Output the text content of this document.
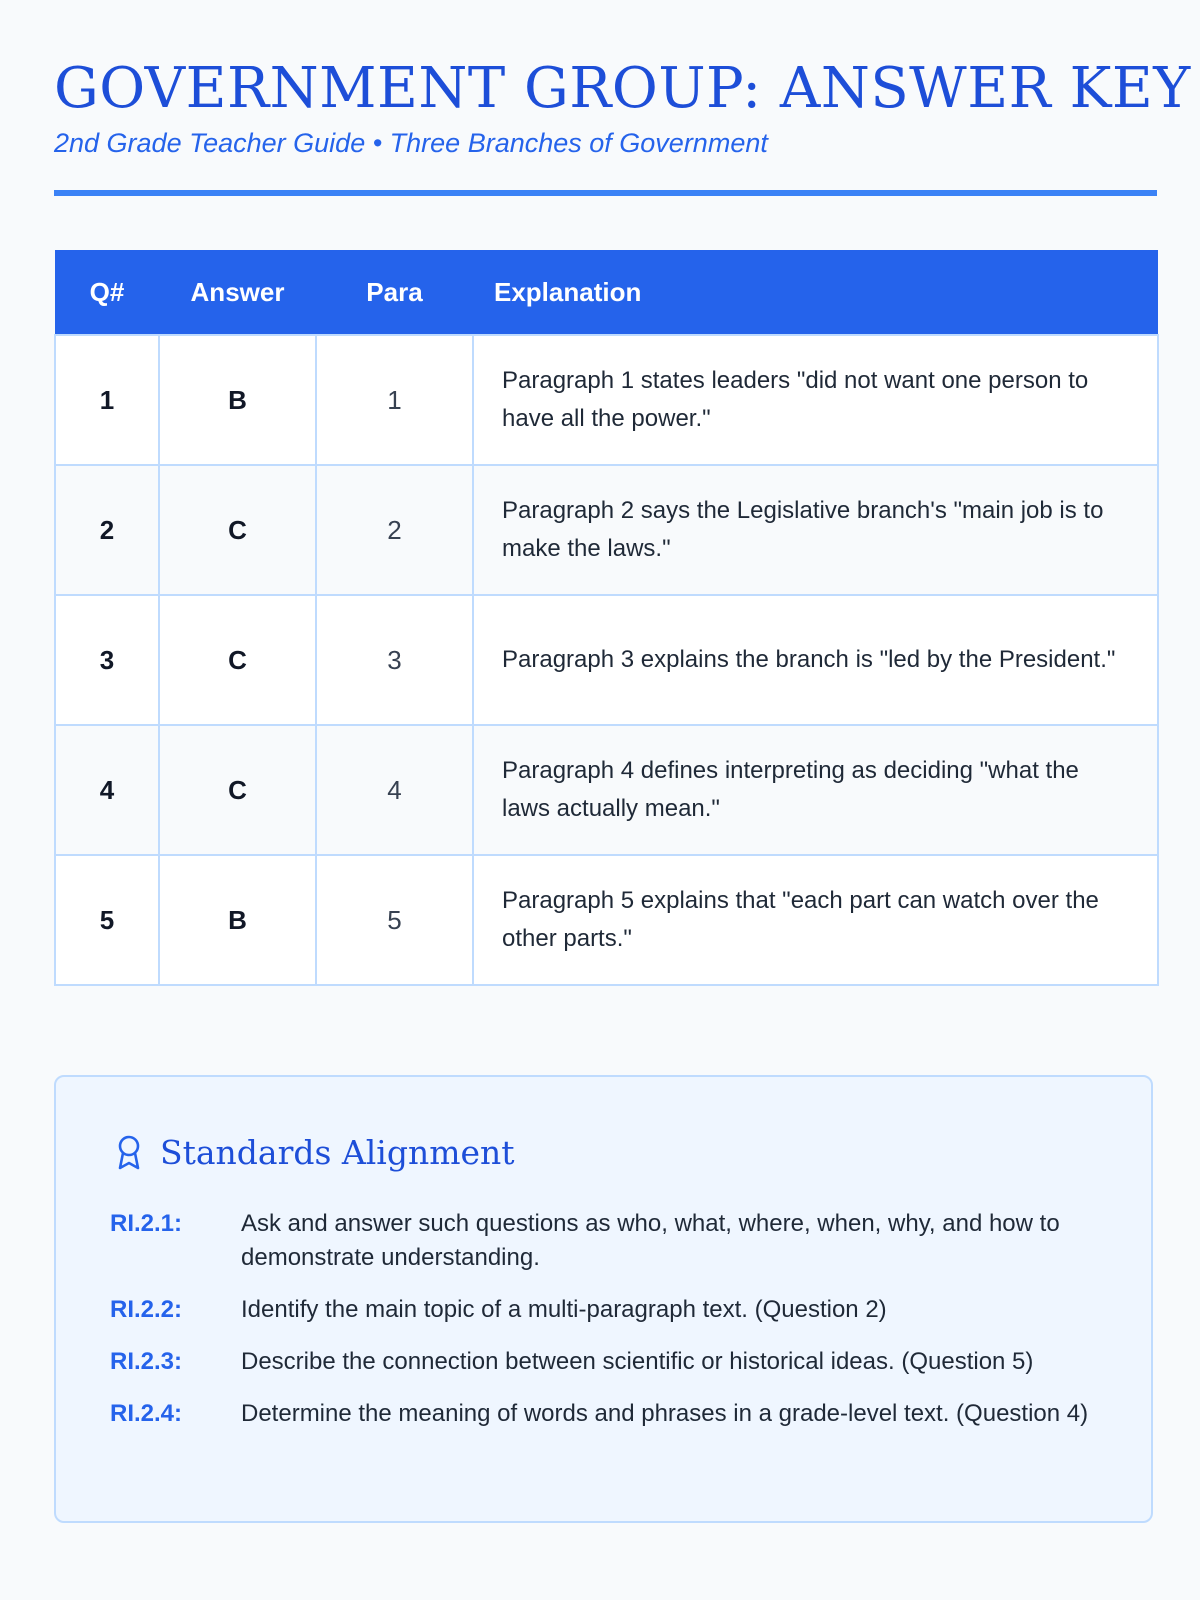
GOVERNMENT GROUP: ANSWER KEY
2nd Grade Teacher Guide • Three Branches of Government
Q#	Answer	Para	Explanation
1	B	1	Paragraph 1 states leaders "did not want one person to have all the power."
2	C	2	Paragraph 2 says the Legislative branch's "main job is to make the laws."
3	C	3	Paragraph 3 explains the branch is "led by the President."
4	C	4	Paragraph 4 defines interpreting as deciding "what the laws actually mean."
5	B	5	Paragraph 5 explains that "each part can watch over the other parts."
Standards Alignment
RI.2.1:	Ask and answer such questions as who, what, where, when, why, and how to demonstrate understanding.
RI.2.2:	Identify the main topic of a multi-paragraph text. (Question 2)
RI.2.3:	Describe the connection between scientific or historical ideas. (Question 5)
RI.2.4:	Determine the meaning of words and phrases in a grade-level text. (Question 4)
